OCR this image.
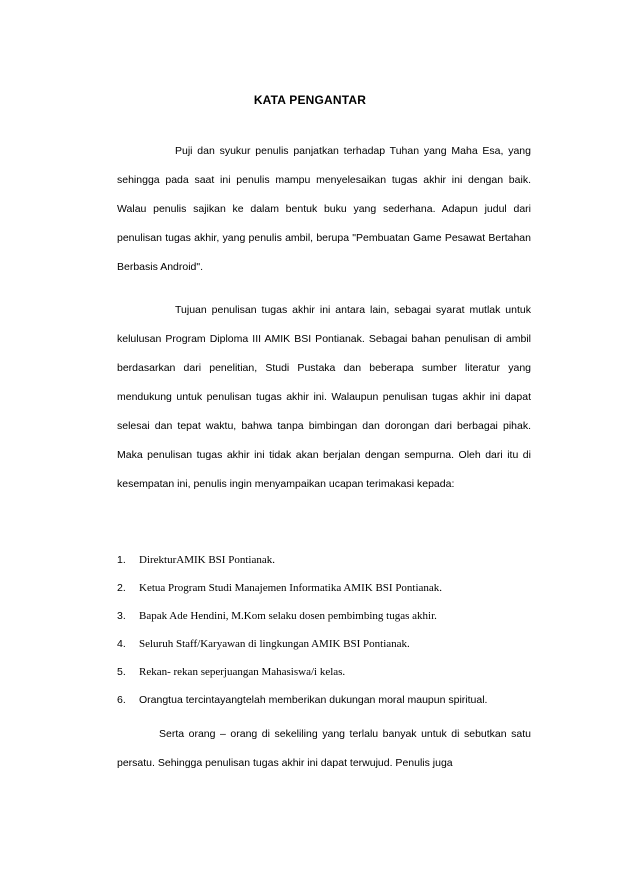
KATA PENGANTAR

Puji dan syukur penulis panjatkan terhadap Tuhan yang Maha Esa, yang sehingga pada saat ini penulis mampu menyelesaikan tugas akhir ini dengan baik. Walau penulis sajikan ke dalam bentuk buku yang sederhana. Adapun judul dari penulisan tugas akhir, yang penulis ambil, berupa "Pembuatan Game Pesawat Bertahan Berbasis Android".

Tujuan penulisan tugas akhir ini antara lain, sebagai syarat mutlak untuk kelulusan Program Diploma III AMIK BSI Pontianak. Sebagai bahan penulisan di ambil berdasarkan dari penelitian, Studi Pustaka dan beberapa sumber literatur yang mendukung untuk penulisan tugas akhir ini. Walaupun penulisan tugas akhir ini dapat selesai dan tepat waktu, bahwa tanpa bimbingan dan dorongan dari berbagai pihak. Maka penulisan tugas akhir ini tidak akan berjalan dengan sempurna. Oleh dari itu di kesempatan ini, penulis ingin menyampaikan ucapan terimakasi kepada:

1.	DirekturAMIK BSI Pontianak.
2.	Ketua Program Studi Manajemen Informatika AMIK BSI Pontianak.
3.	Bapak Ade Hendini, M.Kom selaku dosen pembimbing tugas akhir.
4.	Seluruh Staff/Karyawan di lingkungan AMIK BSI Pontianak.
5.	Rekan- rekan seperjuangan Mahasiswa/i kelas.
6.	Orangtua tercintayangtelah memberikan dukungan moral maupun spiritual.

Serta orang – orang di sekeliling yang terlalu banyak untuk di sebutkan satu persatu. Sehingga penulisan tugas akhir ini dapat terwujud. Penulis juga
